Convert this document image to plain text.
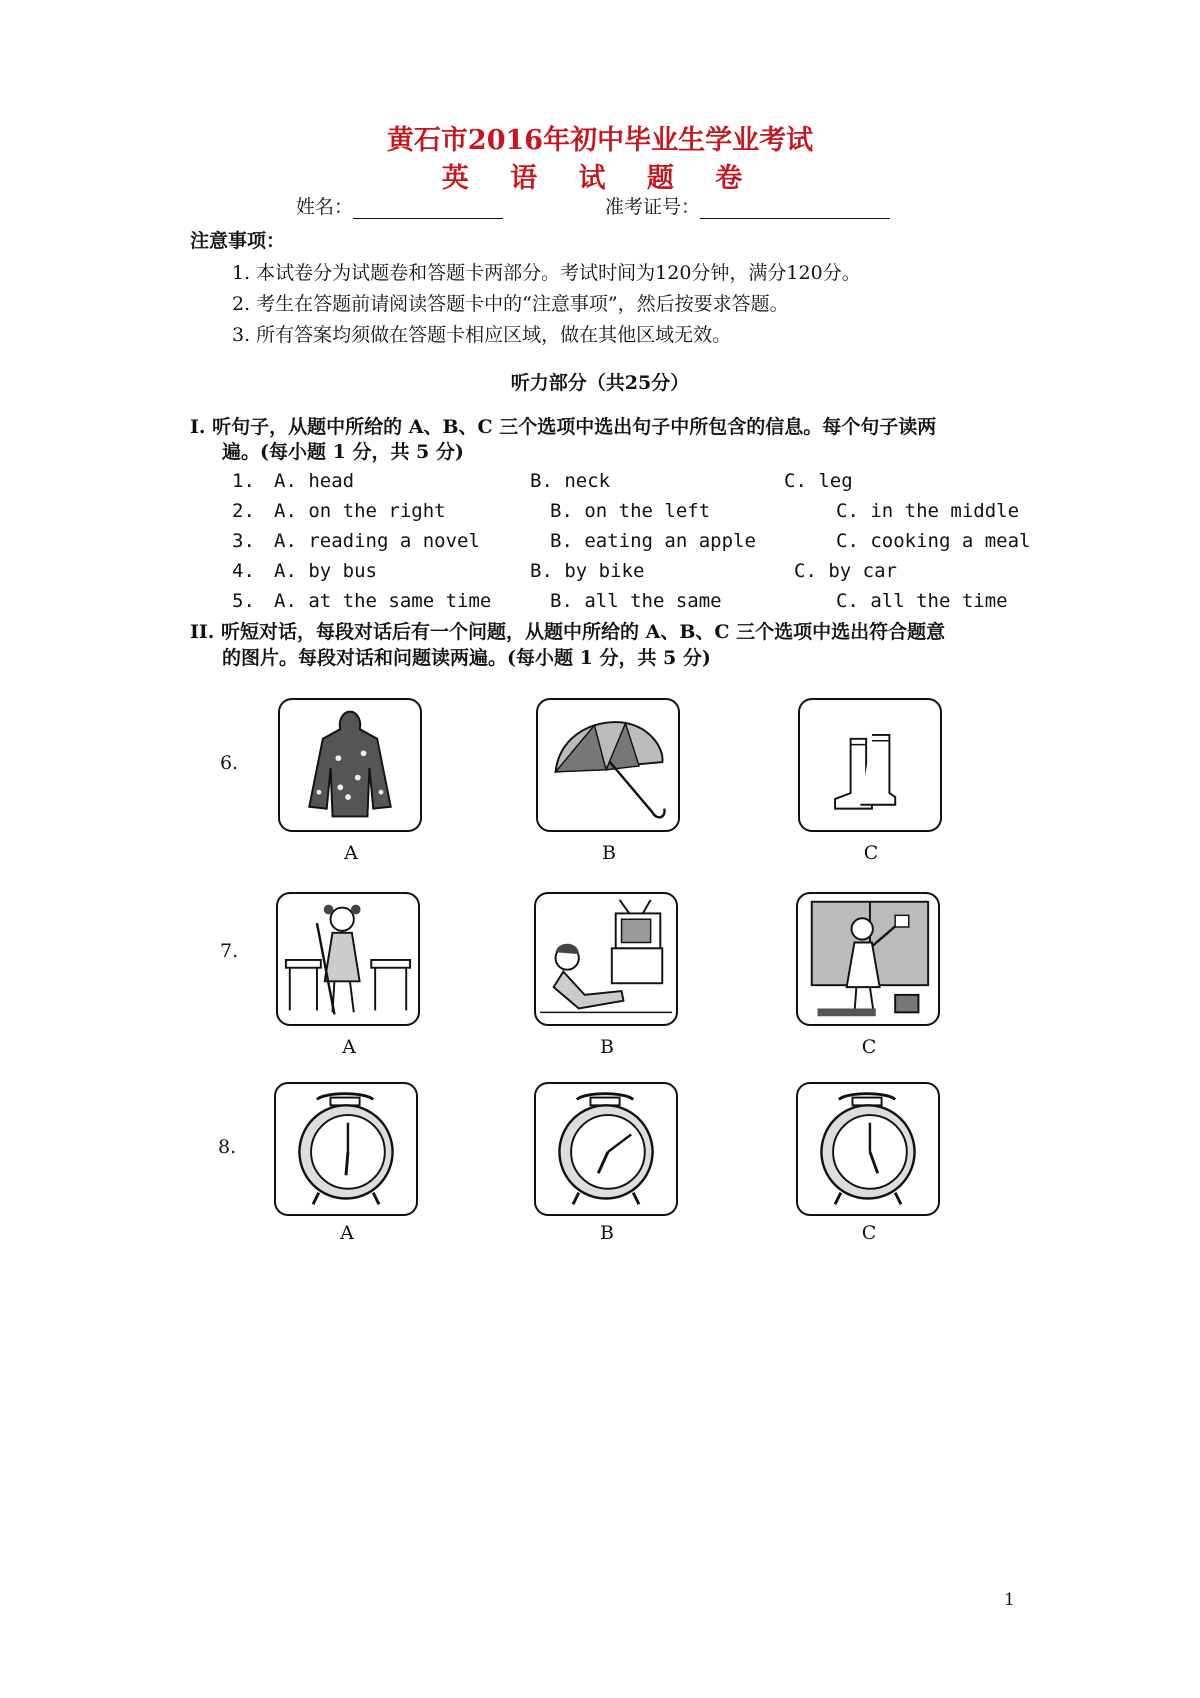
黄石市2016年初中毕业生学业考试
英 语 试 题 卷
姓名：	准考证号：
注意事项：
1. 本试卷分为试题卷和答题卡两部分。考试时间为120分钟，满分120分。
2. 考生在答题前请阅读答题卡中的“注意事项”，然后按要求答题。
3. 所有答案均须做在答题卡相应区域，做在其他区域无效。
听力部分（共25分）
I. 听句子，从题中所给的 A、B、C 三个选项中选出句子中所包含的信息。每个句子读两
遍。(每小题 1 分，共 5 分)
1. A. head	B. neck	C. leg
2. A. on the right	B. on the left	C. in the middle
3. A. reading a novel	B. eating an apple	C. cooking a meal
4. A. by bus	B. by bike	C. by car
5. A. at the same time	B. all the same	C. all the time
II. 听短对话，每段对话后有一个问题，从题中所给的 A、B、C 三个选项中选出符合题意
的图片。每段对话和问题读两遍。(每小题 1 分，共 5 分)
6.
A	B	C
7.
A	B	C
8.
A	B	C
1
